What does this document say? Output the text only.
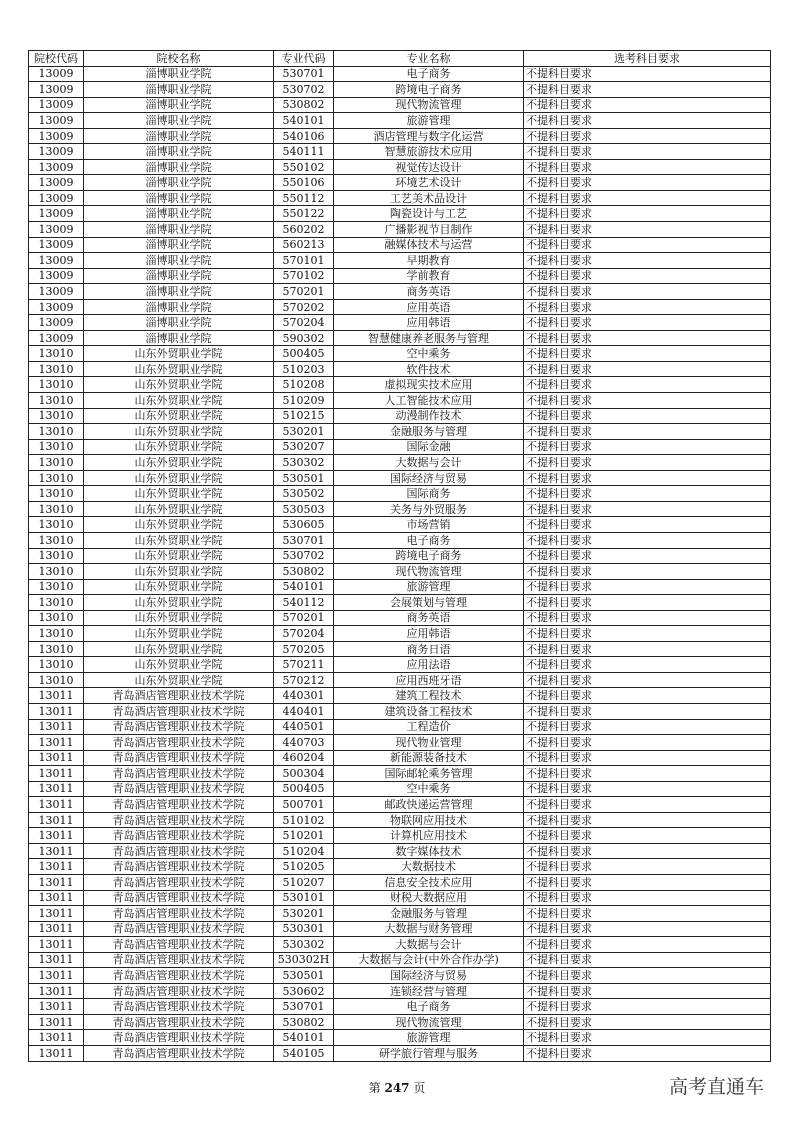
院校代码	院校名称	专业代码	专业名称	选考科目要求
13009	淄博职业学院	530701	电子商务	不提科目要求
13009	淄博职业学院	530702	跨境电子商务	不提科目要求
13009	淄博职业学院	530802	现代物流管理	不提科目要求
13009	淄博职业学院	540101	旅游管理	不提科目要求
13009	淄博职业学院	540106	酒店管理与数字化运营	不提科目要求
13009	淄博职业学院	540111	智慧旅游技术应用	不提科目要求
13009	淄博职业学院	550102	视觉传达设计	不提科目要求
13009	淄博职业学院	550106	环境艺术设计	不提科目要求
13009	淄博职业学院	550112	工艺美术品设计	不提科目要求
13009	淄博职业学院	550122	陶瓷设计与工艺	不提科目要求
13009	淄博职业学院	560202	广播影视节目制作	不提科目要求
13009	淄博职业学院	560213	融媒体技术与运营	不提科目要求
13009	淄博职业学院	570101	早期教育	不提科目要求
13009	淄博职业学院	570102	学前教育	不提科目要求
13009	淄博职业学院	570201	商务英语	不提科目要求
13009	淄博职业学院	570202	应用英语	不提科目要求
13009	淄博职业学院	570204	应用韩语	不提科目要求
13009	淄博职业学院	590302	智慧健康养老服务与管理	不提科目要求
13010	山东外贸职业学院	500405	空中乘务	不提科目要求
13010	山东外贸职业学院	510203	软件技术	不提科目要求
13010	山东外贸职业学院	510208	虚拟现实技术应用	不提科目要求
13010	山东外贸职业学院	510209	人工智能技术应用	不提科目要求
13010	山东外贸职业学院	510215	动漫制作技术	不提科目要求
13010	山东外贸职业学院	530201	金融服务与管理	不提科目要求
13010	山东外贸职业学院	530207	国际金融	不提科目要求
13010	山东外贸职业学院	530302	大数据与会计	不提科目要求
13010	山东外贸职业学院	530501	国际经济与贸易	不提科目要求
13010	山东外贸职业学院	530502	国际商务	不提科目要求
13010	山东外贸职业学院	530503	关务与外贸服务	不提科目要求
13010	山东外贸职业学院	530605	市场营销	不提科目要求
13010	山东外贸职业学院	530701	电子商务	不提科目要求
13010	山东外贸职业学院	530702	跨境电子商务	不提科目要求
13010	山东外贸职业学院	530802	现代物流管理	不提科目要求
13010	山东外贸职业学院	540101	旅游管理	不提科目要求
13010	山东外贸职业学院	540112	会展策划与管理	不提科目要求
13010	山东外贸职业学院	570201	商务英语	不提科目要求
13010	山东外贸职业学院	570204	应用韩语	不提科目要求
13010	山东外贸职业学院	570205	商务日语	不提科目要求
13010	山东外贸职业学院	570211	应用法语	不提科目要求
13010	山东外贸职业学院	570212	应用西班牙语	不提科目要求
13011	青岛酒店管理职业技术学院	440301	建筑工程技术	不提科目要求
13011	青岛酒店管理职业技术学院	440401	建筑设备工程技术	不提科目要求
13011	青岛酒店管理职业技术学院	440501	工程造价	不提科目要求
13011	青岛酒店管理职业技术学院	440703	现代物业管理	不提科目要求
13011	青岛酒店管理职业技术学院	460204	新能源装备技术	不提科目要求
13011	青岛酒店管理职业技术学院	500304	国际邮轮乘务管理	不提科目要求
13011	青岛酒店管理职业技术学院	500405	空中乘务	不提科目要求
13011	青岛酒店管理职业技术学院	500701	邮政快递运营管理	不提科目要求
13011	青岛酒店管理职业技术学院	510102	物联网应用技术	不提科目要求
13011	青岛酒店管理职业技术学院	510201	计算机应用技术	不提科目要求
13011	青岛酒店管理职业技术学院	510204	数字媒体技术	不提科目要求
13011	青岛酒店管理职业技术学院	510205	大数据技术	不提科目要求
13011	青岛酒店管理职业技术学院	510207	信息安全技术应用	不提科目要求
13011	青岛酒店管理职业技术学院	530101	财税大数据应用	不提科目要求
13011	青岛酒店管理职业技术学院	530201	金融服务与管理	不提科目要求
13011	青岛酒店管理职业技术学院	530301	大数据与财务管理	不提科目要求
13011	青岛酒店管理职业技术学院	530302	大数据与会计	不提科目要求
13011	青岛酒店管理职业技术学院	530302H	大数据与会计(中外合作办学)	不提科目要求
13011	青岛酒店管理职业技术学院	530501	国际经济与贸易	不提科目要求
13011	青岛酒店管理职业技术学院	530602	连锁经营与管理	不提科目要求
13011	青岛酒店管理职业技术学院	530701	电子商务	不提科目要求
13011	青岛酒店管理职业技术学院	530802	现代物流管理	不提科目要求
13011	青岛酒店管理职业技术学院	540101	旅游管理	不提科目要求
13011	青岛酒店管理职业技术学院	540105	研学旅行管理与服务	不提科目要求
第 247 页	高考直通车
